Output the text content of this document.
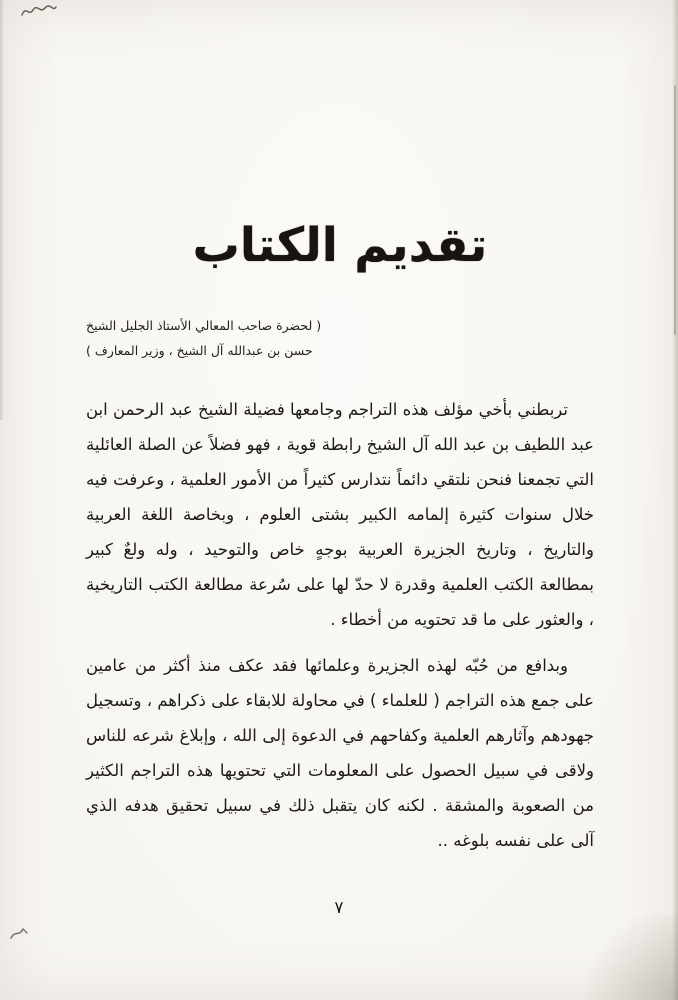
تقديم الكتاب
( لحضرة صاحب المعالي الأستاذ الجليل الشيخ
حسن بن عبدالله آل الشيخ ، وزير المعارف )

تربطني بأخي مؤلف هذه التراجم وجامعها فضيلة الشيخ عبد الرحمن ابن عبد اللطيف بن عبد الله آل الشيخ رابطة قوية ، فهو فضلاً عن الصلة العائلية التي تجمعنا فنحن نلتقي دائماً نتدارس كثيراً من الأمور العلمية ، وعرفت فيه خلال سنوات كثيرة إلمامه الكبير بشتى العلوم ، وبخاصة اللغة العربية والتاريخ ، وتاريخ الجزيرة العربية بوجهٍ خاص والتوحيد ، وله ولعٌ كبير بمطالعة الكتب العلمية وقدرة لا حدّ لها على سُرعة مطالعة الكتب التاريخية ، والعثور على ما قد تحتويه من أخطاء .

وبدافع من حُبّه لهذه الجزيرة وعلمائها فقد عكف منذ أكثر من عامين على جمع هذه التراجم ( للعلماء ) في محاولة للابقاء على ذكراهم ، وتسجيل جهودهم وآثارهم العلمية وكفاحهم في الدعوة إلى الله ، وإبلاغ شرعه للناس ولاقى في سبيل الحصول على المعلومات التي تحتويها هذه التراجم الكثير من الصعوبة والمشقة . لكنه كان يتقبل ذلك في سبيل تحقيق هدفه الذي آلى على نفسه بلوغه ..

٧
